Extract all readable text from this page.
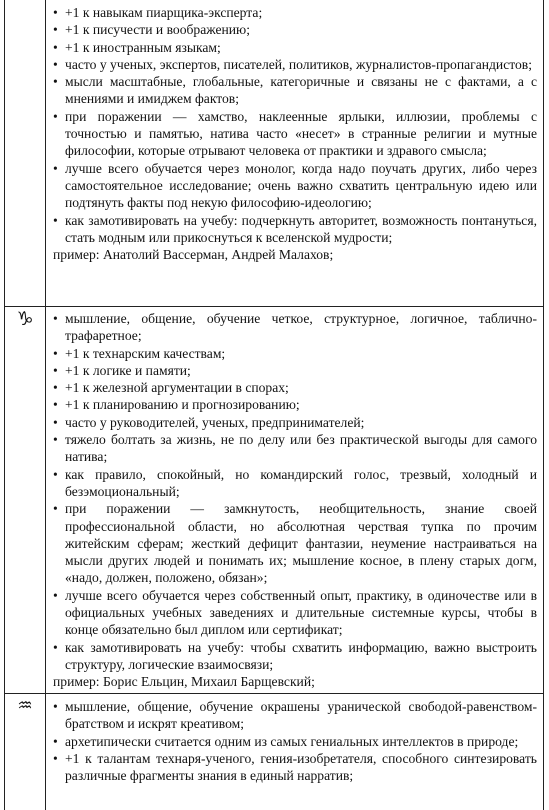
• +1 к навыкам пиарщика-эксперта;
• +1 к писучести и воображению;
• +1 к иностранным языкам;
• часто у ученых, экспертов, писателей, политиков, журналистов-пропагандистов;
• мысли масштабные, глобальные, категоричные и связаны не с фактами, а с мнениями и имиджем фактов;
• при поражении — хамство, наклеенные ярлыки, иллюзии, проблемы с точностью и памятью, натива часто «несет» в странные религии и мутные философии, которые отрывают человека от практики и здравого смысла;
• лучше всего обучается через монолог, когда надо поучать других, либо через самостоятельное исследование; очень важно схватить центральную идею или подтянуть факты под некую философию-идеологию;
• как замотивировать на учебу: подчеркнуть авторитет, возможность понтануться, стать модным или прикоснуться к вселенской мудрости;
пример: Анатолий Вассерман, Андрей Малахов;
♑	• мышление, общение, обучение четкое, структурное, логичное, таблично-трафаретное;
• +1 к технарским качествам;
• +1 к логике и памяти;
• +1 к железной аргументации в спорах;
• +1 к планированию и прогнозированию;
• часто у руководителей, ученых, предпринимателей;
• тяжело болтать за жизнь, не по делу или без практической выгоды для самого натива;
• как правило, спокойный, но командирский голос, трезвый, холодный и безэмоциональный;
• при поражении — замкнутость, необщительность, знание своей профессиональной области, но абсолютная черствая тупка по прочим житейским сферам; жесткий дефицит фантазии, неумение настраиваться на мысли других людей и понимать их; мышление косное, в плену старых догм, «надо, должен, положено, обязан»;
• лучше всего обучается через собственный опыт, практику, в одиночестве или в официальных учебных заведениях и длительные системные курсы, чтобы в конце обязательно был диплом или сертификат;
• как замотивировать на учебу: чтобы схватить информацию, важно выстроить структуру, логические взаимосвязи;
пример: Борис Ельцин, Михаил Барщевский;
♒	• мышление, общение, обучение окрашены уранической свободой-равенством-братством и искрят креативом;
• архетипически считается одним из самых гениальных интеллектов в природе;
• +1 к талантам технаря-ученого, гения-изобретателя, способного синтезировать различные фрагменты знания в единый нарратив;
